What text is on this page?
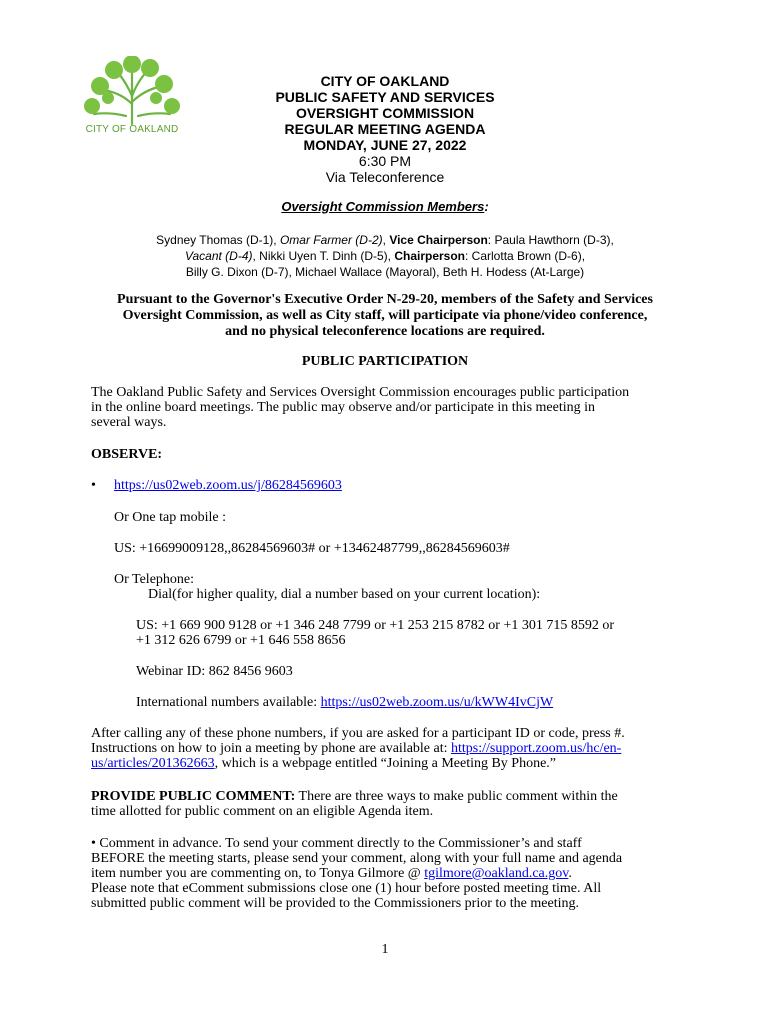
CITY OF OAKLAND
CITY OF OAKLAND
PUBLIC SAFETY AND SERVICES
OVERSIGHT COMMISSION
REGULAR MEETING AGENDA
MONDAY, JUNE 27, 2022
6:30 PM
Via Teleconference
Oversight Commission Members:
Sydney Thomas (D-1), Omar Farmer (D-2), Vice Chairperson: Paula Hawthorn (D-3),
Vacant (D-4), Nikki Uyen T. Dinh (D-5), Chairperson: Carlotta Brown (D-6),
Billy G. Dixon (D-7), Michael Wallace (Mayoral), Beth H. Hodess (At-Large)
Pursuant to the Governor's Executive Order N-29-20, members of the Safety and Services
Oversight Commission, as well as City staff, will participate via phone/video conference,
and no physical teleconference locations are required.
PUBLIC PARTICIPATION
The Oakland Public Safety and Services Oversight Commission encourages public participation
in the online board meetings. The public may observe and/or participate in this meeting in
several ways.
OBSERVE:
• https://us02web.zoom.us/j/86284569603
Or One tap mobile :
US: +16699009128,,86284569603# or +13462487799,,86284569603#
Or Telephone:
Dial(for higher quality, dial a number based on your current location):
US: +1 669 900 9128 or +1 346 248 7799 or +1 253 215 8782 or +1 301 715 8592 or
+1 312 626 6799 or +1 646 558 8656
Webinar ID: 862 8456 9603
International numbers available: https://us02web.zoom.us/u/kWW4IvCjW
After calling any of these phone numbers, if you are asked for a participant ID or code, press #.
Instructions on how to join a meeting by phone are available at: https://support.zoom.us/hc/en-
us/articles/201362663, which is a webpage entitled “Joining a Meeting By Phone.”
PROVIDE PUBLIC COMMENT: There are three ways to make public comment within the
time allotted for public comment on an eligible Agenda item.
• Comment in advance. To send your comment directly to the Commissioner’s and staff
BEFORE the meeting starts, please send your comment, along with your full name and agenda
item number you are commenting on, to Tonya Gilmore @ tgilmore@oakland.ca.gov.
Please note that eComment submissions close one (1) hour before posted meeting time. All
submitted public comment will be provided to the Commissioners prior to the meeting.
1
